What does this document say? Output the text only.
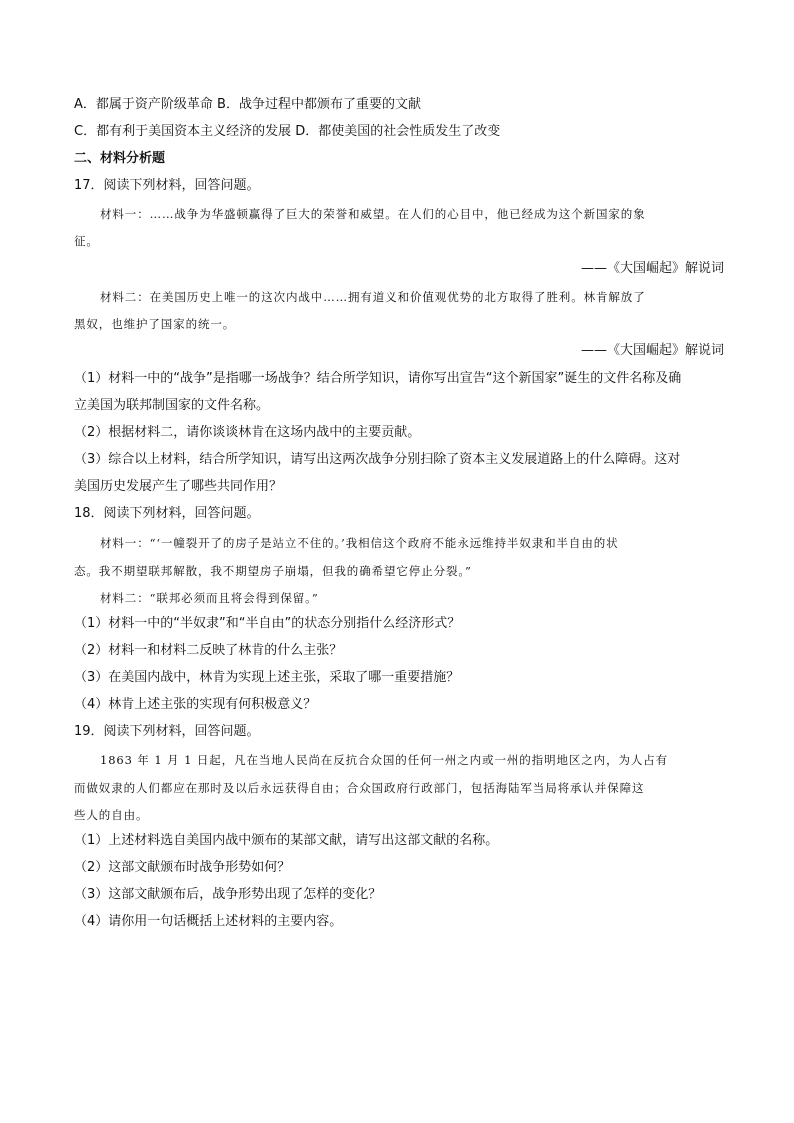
A．都属于资产阶级革命 B．战争过程中都颁布了重要的文献
C．都有利于美国资本主义经济的发展 D．都使美国的社会性质发生了改变
二、材料分析题
17．阅读下列材料，回答问题。
材料一：……战争为华盛顿赢得了巨大的荣誉和威望。在人们的心目中，他已经成为这个新国家的象
征。
——《大国崛起》解说词
材料二：在美国历史上唯一的这次内战中……拥有道义和价值观优势的北方取得了胜利。林肯解放了
黑奴，也维护了国家的统一。
——《大国崛起》解说词
（1）材料一中的“战争”是指哪一场战争？结合所学知识，请你写出宣告“这个新国家”诞生的文件名称及确
立美国为联邦制国家的文件名称。
（2）根据材料二，请你谈谈林肯在这场内战中的主要贡献。
（3）综合以上材料，结合所学知识，请写出这两次战争分别扫除了资本主义发展道路上的什么障碍。这对
美国历史发展产生了哪些共同作用？
18．阅读下列材料，回答问题。
材料一：“‘一幢裂开了的房子是站立不住的。’我相信这个政府不能永远维持半奴隶和半自由的状
态。我不期望联邦解散，我不期望房子崩塌，但我的确希望它停止分裂。”
材料二：“联邦必须而且将会得到保留。”
（1）材料一中的“半奴隶”和“半自由”的状态分别指什么经济形式？
（2）材料一和材料二反映了林肯的什么主张？
（3）在美国内战中，林肯为实现上述主张，采取了哪一重要措施？
（4）林肯上述主张的实现有何积极意义？
19．阅读下列材料，回答问题。
1863 年 1 月 1 日起，凡在当地人民尚在反抗合众国的任何一州之内或一州的指明地区之内，为人占有
而做奴隶的人们都应在那时及以后永远获得自由；合众国政府行政部门，包括海陆军当局将承认并保障这
些人的自由。
（1）上述材料选自美国内战中颁布的某部文献，请写出这部文献的名称。
（2）这部文献颁布时战争形势如何？
（3）这部文献颁布后，战争形势出现了怎样的变化？
（4）请你用一句话概括上述材料的主要内容。
